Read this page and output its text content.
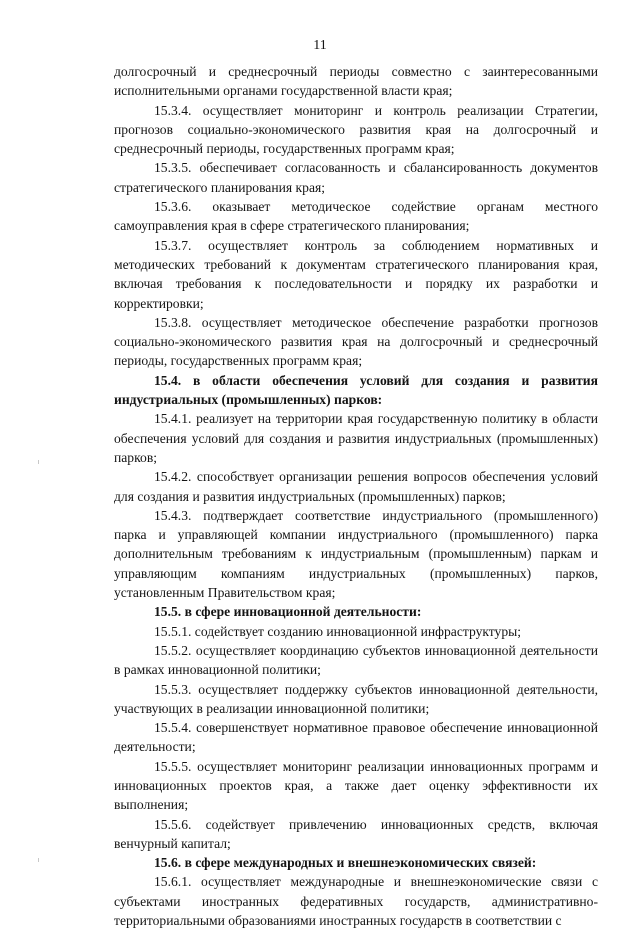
11

долгосрочный и среднесрочный периоды совместно с заинтересованными исполнительными органами государственной власти края;

15.3.4. осуществляет мониторинг и контроль реализации Стратегии, прогнозов социально-экономического развития края на долгосрочный и среднесрочный периоды, государственных программ края;

15.3.5. обеспечивает согласованность и сбалансированность документов стратегического планирования края;

15.3.6. оказывает методическое содействие органам местного самоуправления края в сфере стратегического планирования;

15.3.7. осуществляет контроль за соблюдением нормативных и методических требований к документам стратегического планирования края, включая требования к последовательности и порядку их разработки и корректировки;

15.3.8. осуществляет методическое обеспечение разработки прогнозов социально-экономического развития края на долгосрочный и среднесрочный периоды, государственных программ края;

15.4. в области обеспечения условий для создания и развития индустриальных (промышленных) парков:

15.4.1. реализует на территории края государственную политику в области обеспечения условий для создания и развития индустриальных (промышленных) парков;

15.4.2. способствует организации решения вопросов обеспечения условий для создания и развития индустриальных (промышленных) парков;

15.4.3. подтверждает соответствие индустриального (промышленного) парка и управляющей компании индустриального (промышленного) парка дополнительным требованиям к индустриальным (промышленным) паркам и управляющим компаниям индустриальных (промышленных) парков, установленным Правительством края;

15.5. в сфере инновационной деятельности:

15.5.1. содействует созданию инновационной инфраструктуры;

15.5.2. осуществляет координацию субъектов инновационной деятельности в рамках инновационной политики;

15.5.3. осуществляет поддержку субъектов инновационной деятельности, участвующих в реализации инновационной политики;

15.5.4. совершенствует нормативное правовое обеспечение инновационной деятельности;

15.5.5. осуществляет мониторинг реализации инновационных программ и инновационных проектов края, а также дает оценку эффективности их выполнения;

15.5.6. содействует привлечению инновационных средств, включая венчурный капитал;

15.6. в сфере международных и внешнеэкономических связей:

15.6.1. осуществляет международные и внешнеэкономические связи с субъектами иностранных федеративных государств, административно-территориальными образованиями иностранных государств в соответствии с
